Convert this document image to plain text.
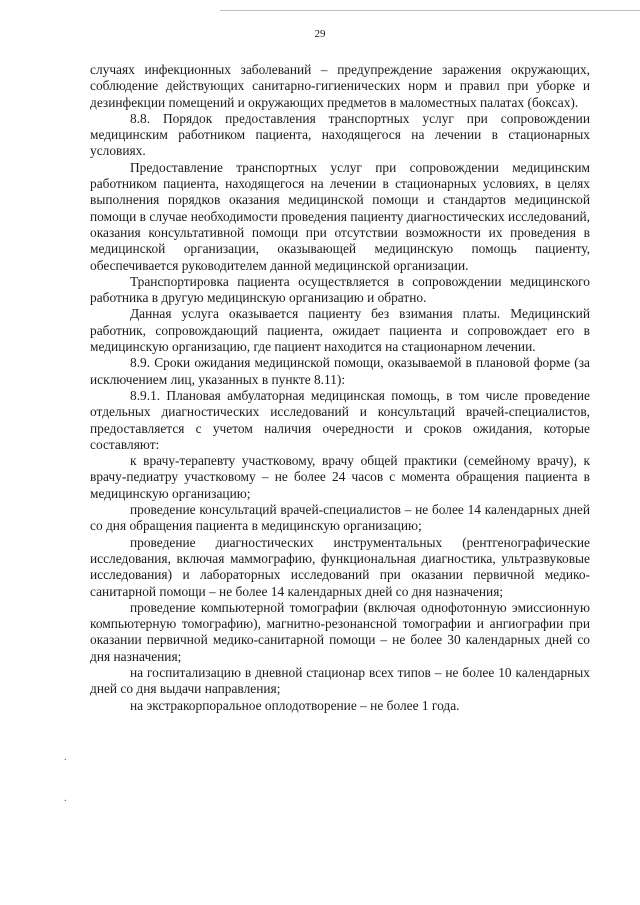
29

случаях инфекционных заболеваний – предупреждение заражения окружающих, соблюдение действующих санитарно-гигиенических норм и правил при уборке и дезинфекции помещений и окружающих предметов в маломестных палатах (боксах).

8.8. Порядок предоставления транспортных услуг при сопровождении медицинским работником пациента, находящегося на лечении в стационарных условиях.

Предоставление транспортных услуг при сопровождении медицинским работником пациента, находящегося на лечении в стационарных условиях, в целях выполнения порядков оказания медицинской помощи и стандартов медицинской помощи в случае необходимости проведения пациенту диагностических исследований, оказания консультативной помощи при отсутствии возможности их проведения в медицинской организации, оказывающей медицинскую помощь пациенту, обеспечивается руководителем данной медицинской организации.

Транспортировка пациента осуществляется в сопровождении медицинского работника в другую медицинскую организацию и обратно.

Данная услуга оказывается пациенту без взимания платы. Медицинский работник, сопровождающий пациента, ожидает пациента и сопровождает его в медицинскую организацию, где пациент находится на стационарном лечении.

8.9. Сроки ожидания медицинской помощи, оказываемой в плановой форме (за исключением лиц, указанных в пункте 8.11):

8.9.1. Плановая амбулаторная медицинская помощь, в том числе проведение отдельных диагностических исследований и консультаций врачей-специалистов, предоставляется с учетом наличия очередности и сроков ожидания, которые составляют:

к врачу-терапевту участковому, врачу общей практики (семейному врачу), к врачу-педиатру участковому – не более 24 часов с момента обращения пациента в медицинскую организацию;

проведение консультаций врачей-специалистов – не более 14 календарных дней со дня обращения пациента в медицинскую организацию;

проведение диагностических инструментальных (рентгенографические исследования, включая маммографию, функциональная диагностика, ультразвуковые исследования) и лабораторных исследований при оказании первичной медико-санитарной помощи – не более 14 календарных дней со дня назначения;

проведение компьютерной томографии (включая однофотонную эмиссионную компьютерную томографию), магнитно-резонансной томографии и ангиографии при оказании первичной медико-санитарной помощи – не более 30 календарных дней со дня назначения;

на госпитализацию в дневной стационар всех типов – не более 10 календарных дней со дня выдачи направления;

на экстракорпоральное оплодотворение – не более 1 года.

.
.
